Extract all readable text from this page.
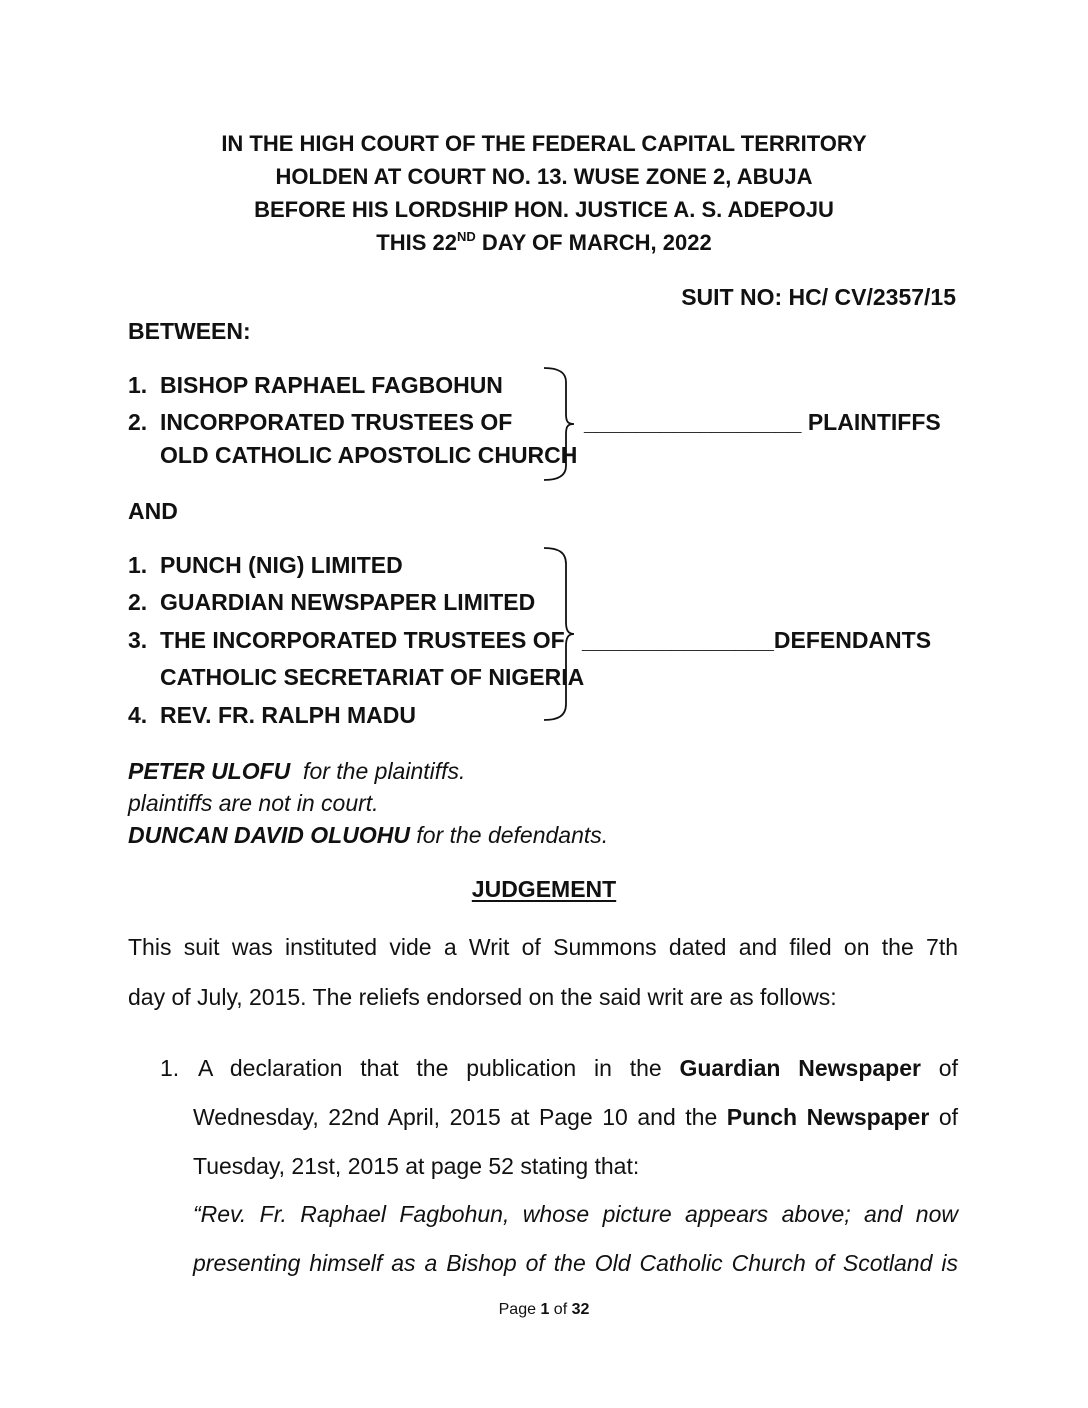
IN THE HIGH COURT OF THE FEDERAL CAPITAL TERRITORY
HOLDEN AT COURT NO. 13. WUSE ZONE 2, ABUJA
BEFORE HIS LORDSHIP HON. JUSTICE A. S. ADEPOJU
THIS 22ND DAY OF MARCH, 2022
SUIT NO: HC/ CV/2357/15
BETWEEN:
1. BISHOP RAPHAEL FAGBOHUN
2. INCORPORATED TRUSTEES OF
OLD CATHOLIC APOSTOLIC CHURCH
_________________ PLAINTIFFS
AND
1. PUNCH (NIG) LIMITED
2. GUARDIAN NEWSPAPER LIMITED
3. THE INCORPORATED TRUSTEES OF
CATHOLIC SECRETARIAT OF NIGERIA
4. REV. FR. RALPH MADU
_______________DEFENDANTS
PETER ULOFU  for the plaintiffs.
plaintiffs are not in court.
DUNCAN DAVID OLUOHU for the defendants.
JUDGEMENT
This suit was instituted vide a Writ of Summons dated and filed on the 7th
day of July, 2015. The reliefs endorsed on the said writ are as follows:
1. A declaration that the publication in the Guardian Newspaper of
Wednesday, 22nd April, 2015 at Page 10 and the Punch Newspaper of
Tuesday, 21st, 2015 at page 52 stating that:
“Rev. Fr. Raphael Fagbohun, whose picture appears above; and now
presenting himself as a Bishop of the Old Catholic Church of Scotland is
Page 1 of 32
